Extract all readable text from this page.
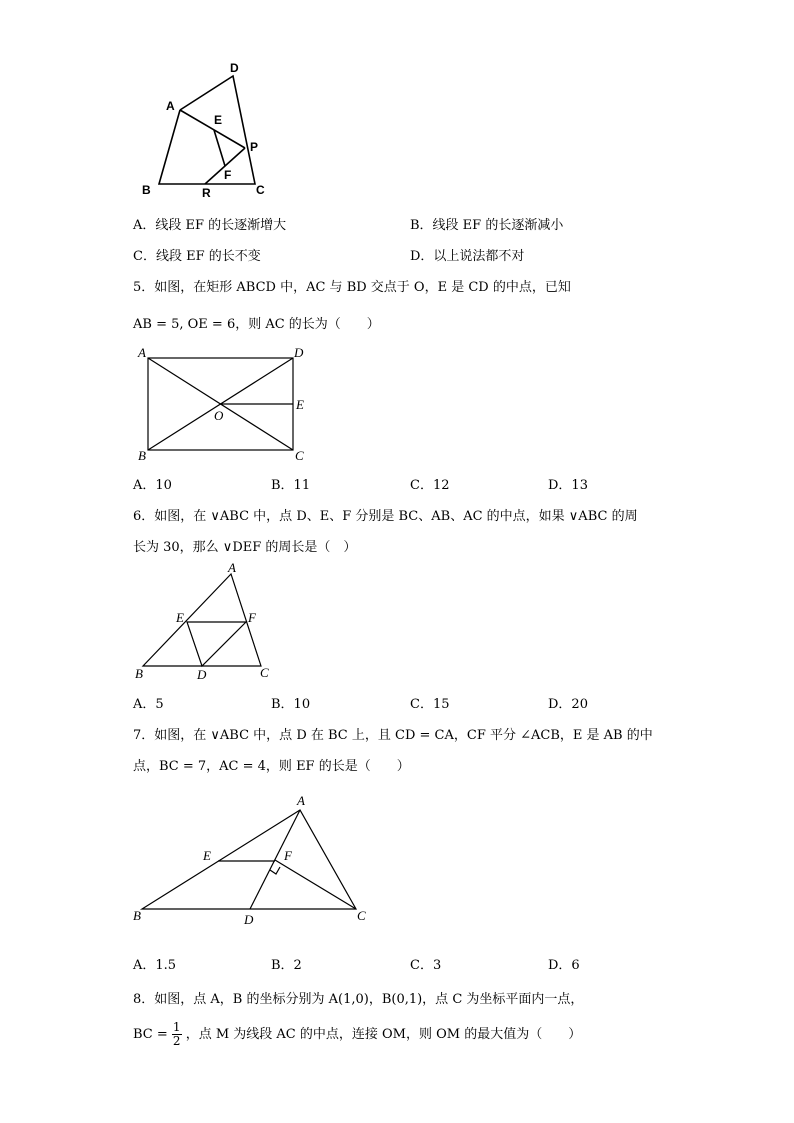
A
D
E
P
F
B	R	C
A．线段 EF 的长逐渐增大	B．线段 EF 的长逐渐减小
C．线段 EF 的长不变	D．以上说法都不对
5．如图，在矩形 ABCD 中，AC 与 BD 交点于 O，E 是 CD 的中点，已知
AB = 5, OE = 6，则 AC 的长为（　　）
A	D
B	C
O
E
A．10	B．11	C．12	D．13
6．如图，在 ∨ABC 中，点 D、E、F 分别是 BC、AB、AC 的中点，如果 ∨ABC 的周
长为 30，那么 ∨DEF 的周长是（　）
A
E	F
B	D	C
A．5	B．10	C．15	D．20
7．如图，在 ∨ABC 中，点 D 在 BC 上，且 CD = CA，CF 平分 ∠ACB，E 是 AB 的中
点，BC = 7，AC = 4，则 EF 的长是（　　）
A
E	F
B	D	C
A．1.5	B．2	C．3	D．6
8．如图，点 A，B 的坐标分别为 A(1,0)，B(0,1)，点 C 为坐标平面内一点，
BC = $\frac{1}{2}$ ，点 M 为线段 AC 的中点，连接 OM，则 OM 的最大值为（　　）
